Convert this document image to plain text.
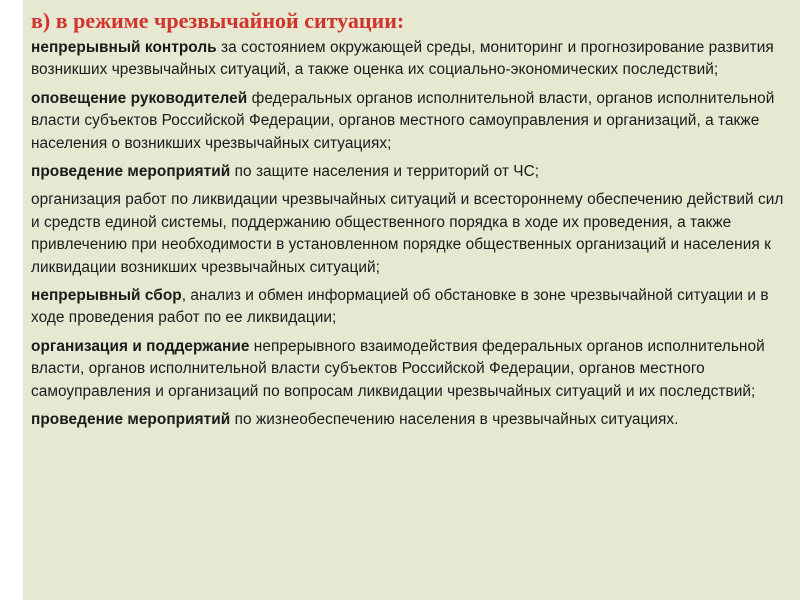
в) в режиме чрезвычайной ситуации:

непрерывный контроль за состоянием окружающей среды, мониторинг и прогнозирование развития возникших чрезвычайных ситуаций, а также оценка их социально-экономических последствий;

оповещение руководителей федеральных органов исполнительной власти, органов исполнительной власти субъектов Российской Федерации, органов местного самоуправления и организаций, а также населения о возникших чрезвычайных ситуациях;

проведение мероприятий по защите населения и территорий от ЧС;

организация работ по ликвидации чрезвычайных ситуаций и всестороннему обеспечению действий сил и средств единой системы, поддержанию общественного порядка в ходе их проведения, а также привлечению при необходимости в установленном порядке общественных организаций и населения к ликвидации возникших чрезвычайных ситуаций;

непрерывный сбор, анализ и обмен информацией об обстановке в зоне чрезвычайной ситуации и в ходе проведения работ по ее ликвидации;

организация и поддержание непрерывного взаимодействия федеральных органов исполнительной власти, органов исполнительной власти субъектов Российской Федерации, органов местного самоуправления и организаций по вопросам ликвидации чрезвычайных ситуаций и их последствий;

проведение мероприятий по жизнеобеспечению населения в чрезвычайных ситуациях.
